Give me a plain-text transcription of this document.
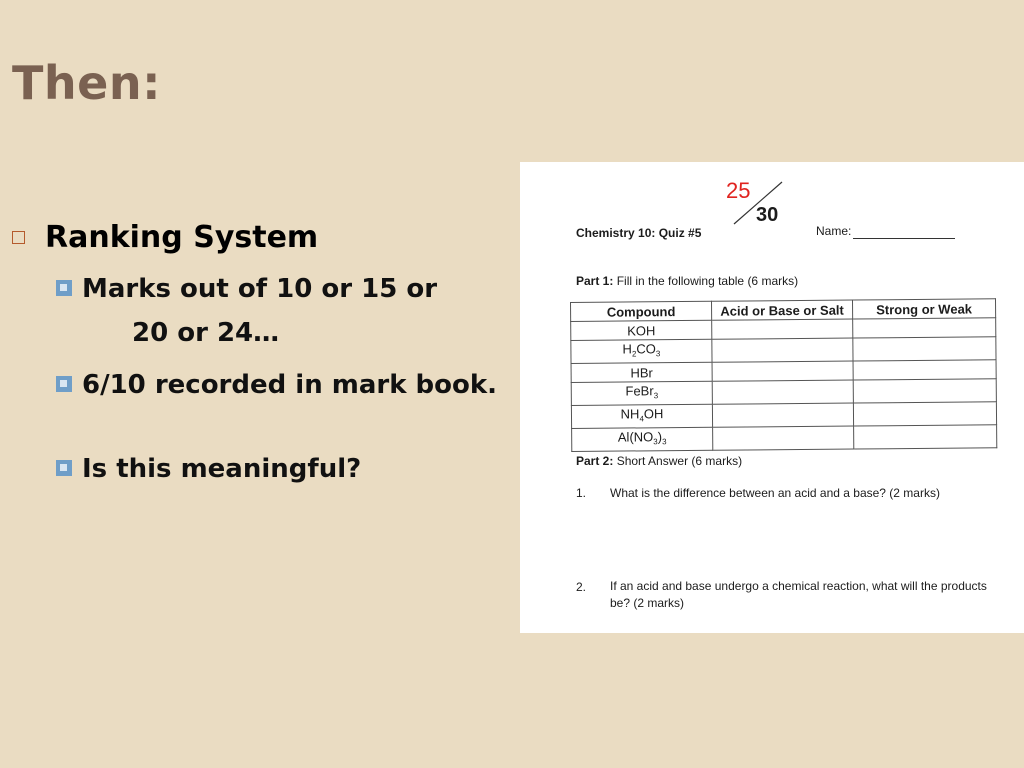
Then:
Ranking System
Marks out of 10 or 15 or
20 or 24…
6/10 recorded in mark book.
Is this meaningful?
25
30
Chemistry 10: Quiz #5	Name:
Part 1: Fill in the following table (6 marks)
Compound	Acid or Base or Salt	Strong or Weak
KOH		
$H_2CO_3$		
HBr		
FeBr$_3$		
$NH_4OH$		
$Al(NO_3)_3$		
Part 2: Short Answer (6 marks)
1. What is the difference between an acid and a base? (2 marks)
2. If an acid and base undergo a chemical reaction, what will the products be? (2 marks)
